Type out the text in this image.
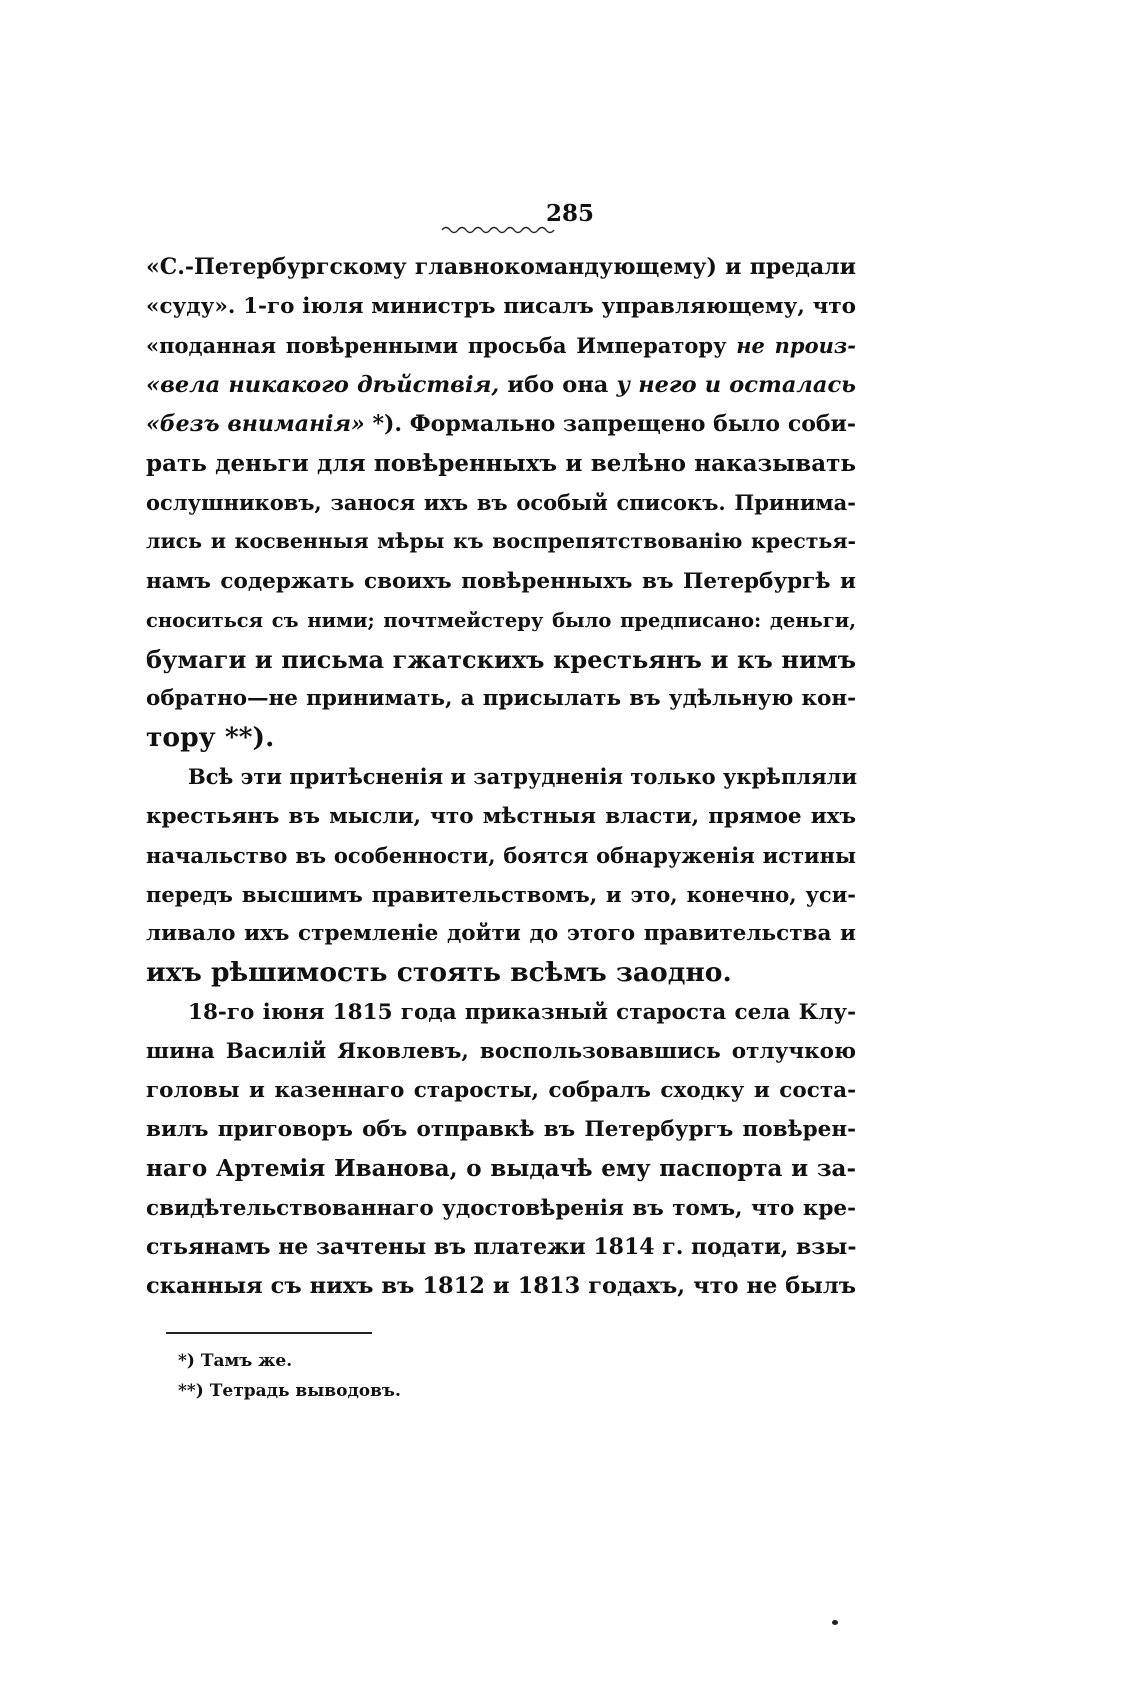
285
«С.-Петербургскому главнокомандующему) и предали
«суду». 1-го іюля министръ писалъ управляющему, что
«поданная повѣренными просьба Императору не произ-
«вела никакого дѣйствія, ибо она у него и осталась
«безъ вниманія» *). Формально запрещено было соби-
рать деньги для повѣренныхъ и велѣно наказывать
ослушниковъ, занося ихъ въ особый списокъ. Принима-
лись и косвенныя мѣры къ воспрепятствованію крестья-
намъ содержать своихъ повѣренныхъ въ Петербургѣ и
сноситься съ ними; почтмейстеру было предписано: деньги,
бумаги и письма гжатскихъ крестьянъ и къ нимъ
обратно—не принимать, а присылать въ удѣльную кон-
тору **).
Всѣ эти притѣсненія и затрудненія только укрѣпляли
крестьянъ въ мысли, что мѣстныя власти, прямое ихъ
начальство въ особенности, боятся обнаруженія истины
передъ высшимъ правительствомъ, и это, конечно, уси-
ливало ихъ стремленіе дойти до этого правительства и
ихъ рѣшимость стоять всѣмъ заодно.
18-го іюня 1815 года приказный староста села Клу-
шина Василій Яковлевъ, воспользовавшись отлучкою
головы и казеннаго старосты, собралъ сходку и соста-
вилъ приговоръ объ отправкѣ въ Петербургъ повѣрен-
наго Артемія Иванова, о выдачѣ ему паспорта и за-
свидѣтельствованнаго удостовѣренія въ томъ, что кре-
стьянамъ не зачтены въ платежи 1814 г. подати, взы-
сканныя съ нихъ въ 1812 и 1813 годахъ, что не былъ
*) Тамъ же.
**) Тетрадь выводовъ.
